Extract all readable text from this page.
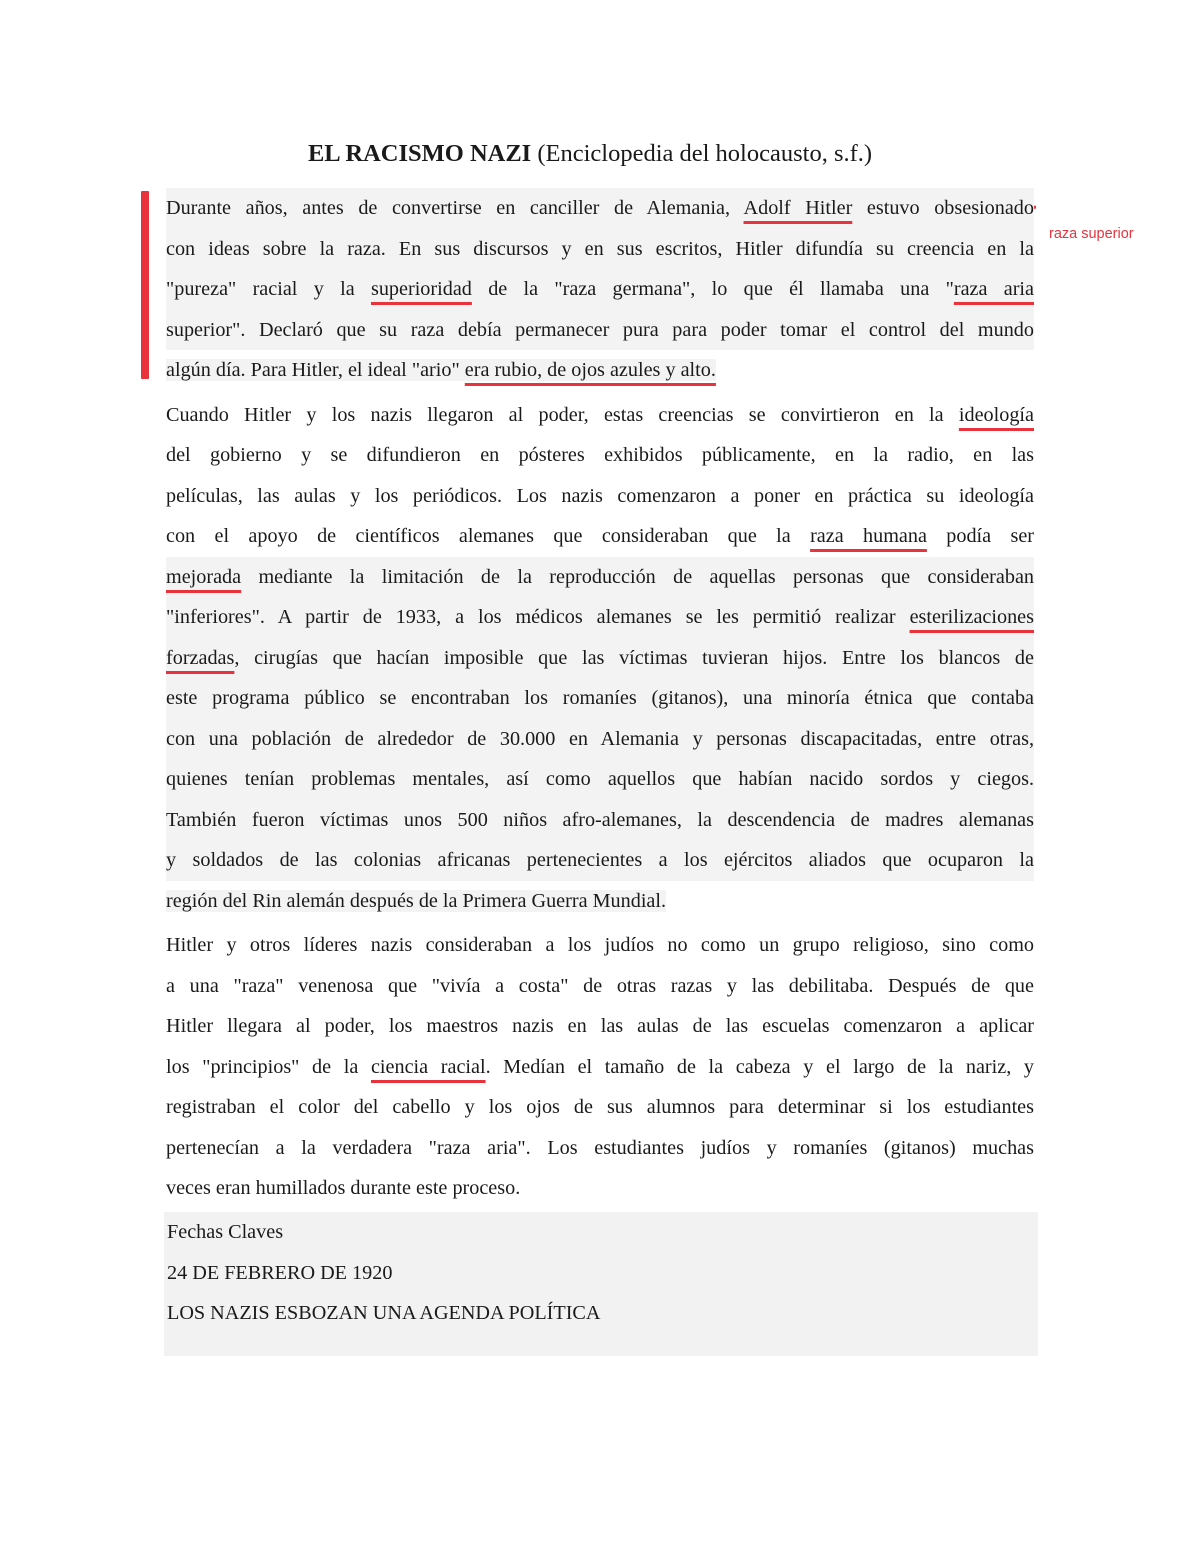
EL RACISMO NAZI (Enciclopedia del holocausto, s.f.)
raza superior
Durante años, antes de convertirse en canciller de Alemania, Adolf Hitler estuvo obsesionado
con ideas sobre la raza. En sus discursos y en sus escritos, Hitler difundía su creencia en la
"pureza" racial y la superioridad de la "raza germana", lo que él llamaba una "raza aria
superior". Declaró que su raza debía permanecer pura para poder tomar el control del mundo
algún día. Para Hitler, el ideal "ario" era rubio, de ojos azules y alto.
Cuando Hitler y los nazis llegaron al poder, estas creencias se convirtieron en la ideología
del gobierno y se difundieron en pósteres exhibidos públicamente, en la radio, en las
películas, las aulas y los periódicos. Los nazis comenzaron a poner en práctica su ideología
con el apoyo de científicos alemanes que consideraban que la raza humana podía ser
mejorada mediante la limitación de la reproducción de aquellas personas que consideraban
"inferiores". A partir de 1933, a los médicos alemanes se les permitió realizar esterilizaciones
forzadas, cirugías que hacían imposible que las víctimas tuvieran hijos. Entre los blancos de
este programa público se encontraban los romaníes (gitanos), una minoría étnica que contaba
con una población de alrededor de 30.000 en Alemania y personas discapacitadas, entre otras,
quienes tenían problemas mentales, así como aquellos que habían nacido sordos y ciegos.
También fueron víctimas unos 500 niños afro-alemanes, la descendencia de madres alemanas
y soldados de las colonias africanas pertenecientes a los ejércitos aliados que ocuparon la
región del Rin alemán después de la Primera Guerra Mundial.
Hitler y otros líderes nazis consideraban a los judíos no como un grupo religioso, sino como
a una "raza" venenosa que "vivía a costa" de otras razas y las debilitaba. Después de que
Hitler llegara al poder, los maestros nazis en las aulas de las escuelas comenzaron a aplicar
los "principios" de la ciencia racial. Medían el tamaño de la cabeza y el largo de la nariz, y
registraban el color del cabello y los ojos de sus alumnos para determinar si los estudiantes
pertenecían a la verdadera "raza aria". Los estudiantes judíos y romaníes (gitanos) muchas
veces eran humillados durante este proceso.
Fechas Claves
24 DE FEBRERO DE 1920
LOS NAZIS ESBOZAN UNA AGENDA POLÍTICA
